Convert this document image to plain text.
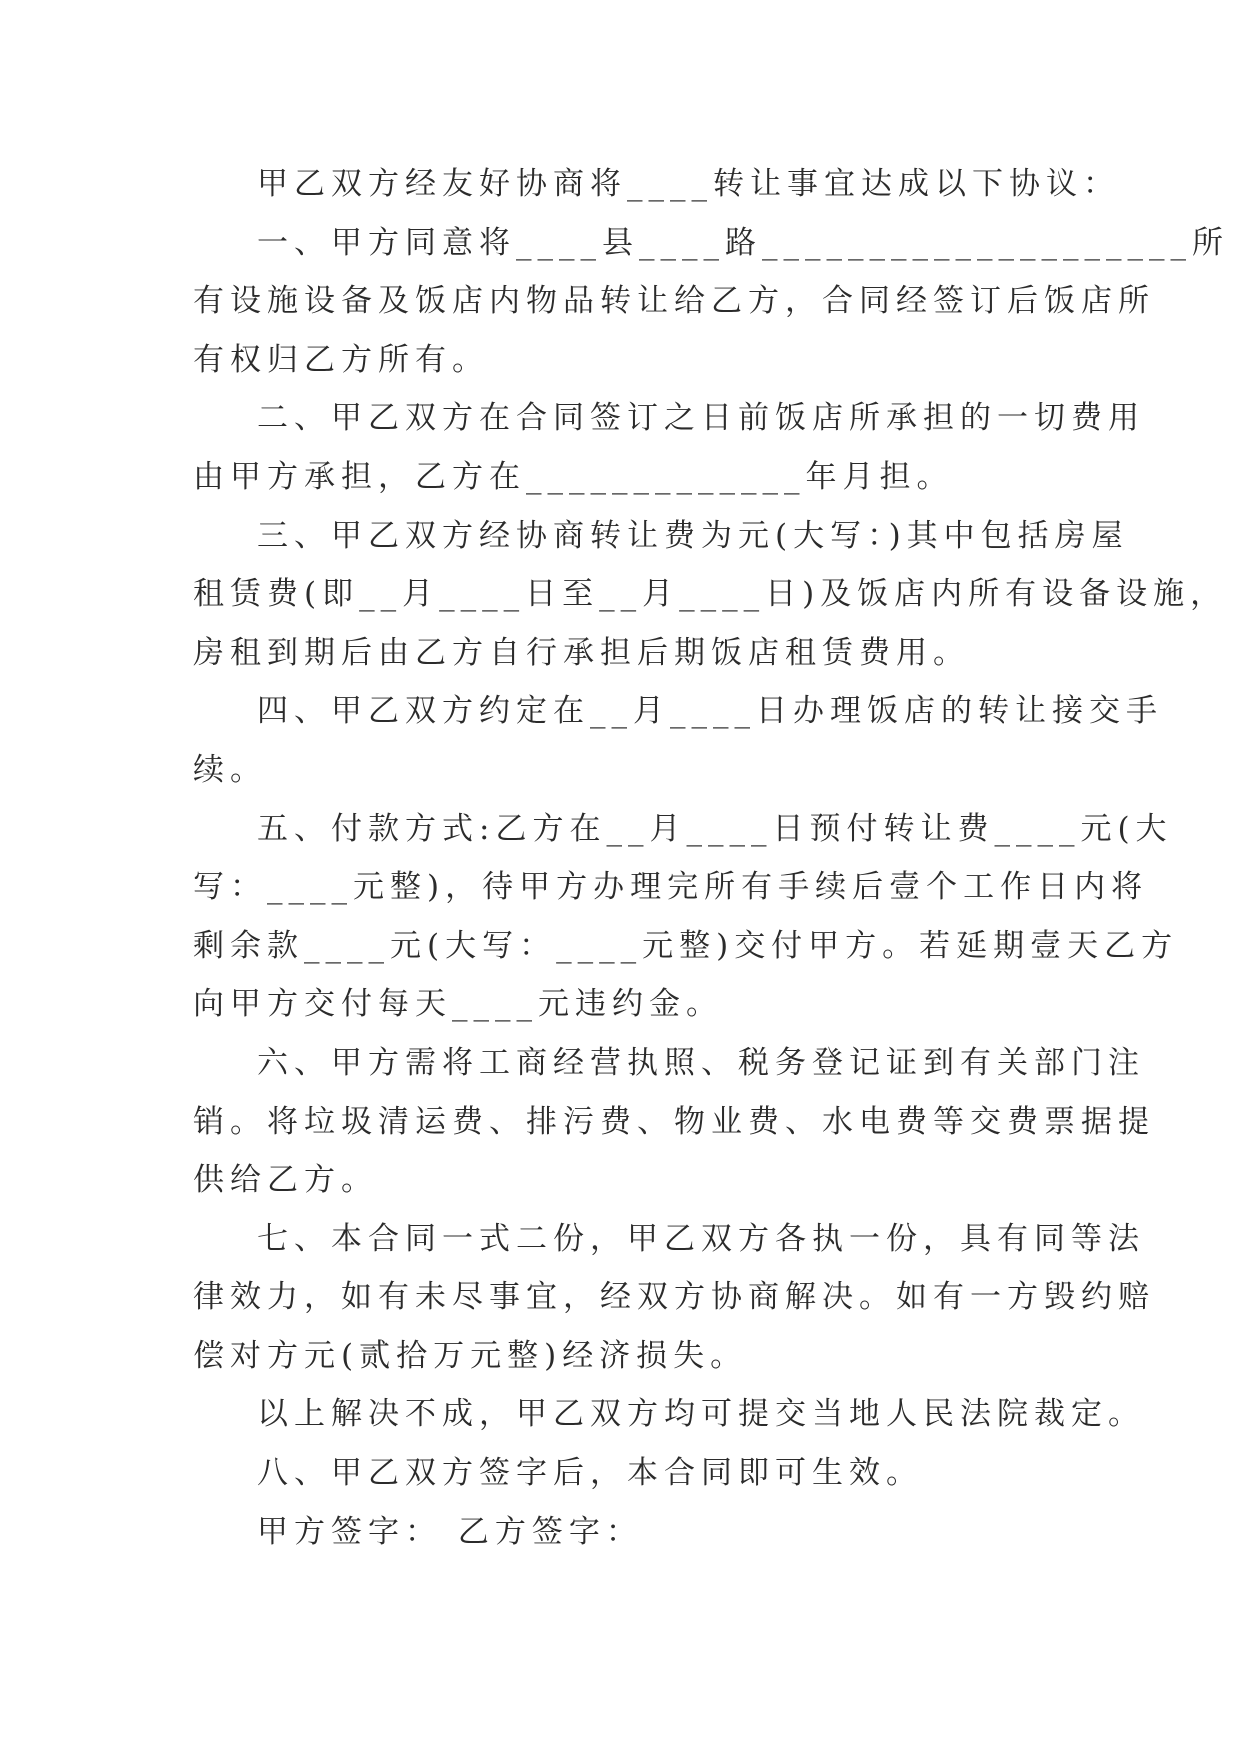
甲乙双方经友好协商将____转让事宜达成以下协议：
一、甲方同意将____县____路____________________所
有设施设备及饭店内物品转让给乙方，合同经签订后饭店所
有权归乙方所有。
二、甲乙双方在合同签订之日前饭店所承担的一切费用
由甲方承担，乙方在_____________年月担。
三、甲乙双方经协商转让费为元(大写：)其中包括房屋
租赁费(即__月____日至__月____日)及饭店内所有设备设施，
房租到期后由乙方自行承担后期饭店租赁费用。
四、甲乙双方约定在__月____日办理饭店的转让接交手
续。
五、付款方式:乙方在__月____日预付转让费____元(大
写：____元整)，待甲方办理完所有手续后壹个工作日内将
剩余款____元(大写：____元整)交付甲方。若延期壹天乙方
向甲方交付每天____元违约金。
六、甲方需将工商经营执照、税务登记证到有关部门注
销。将垃圾清运费、排污费、物业费、水电费等交费票据提
供给乙方。
七、本合同一式二份，甲乙双方各执一份，具有同等法
律效力，如有未尽事宜，经双方协商解决。如有一方毁约赔
偿对方元(贰拾万元整)经济损失。
以上解决不成，甲乙双方均可提交当地人民法院裁定。
八、甲乙双方签字后，本合同即可生效。
甲方签字： 乙方签字：
